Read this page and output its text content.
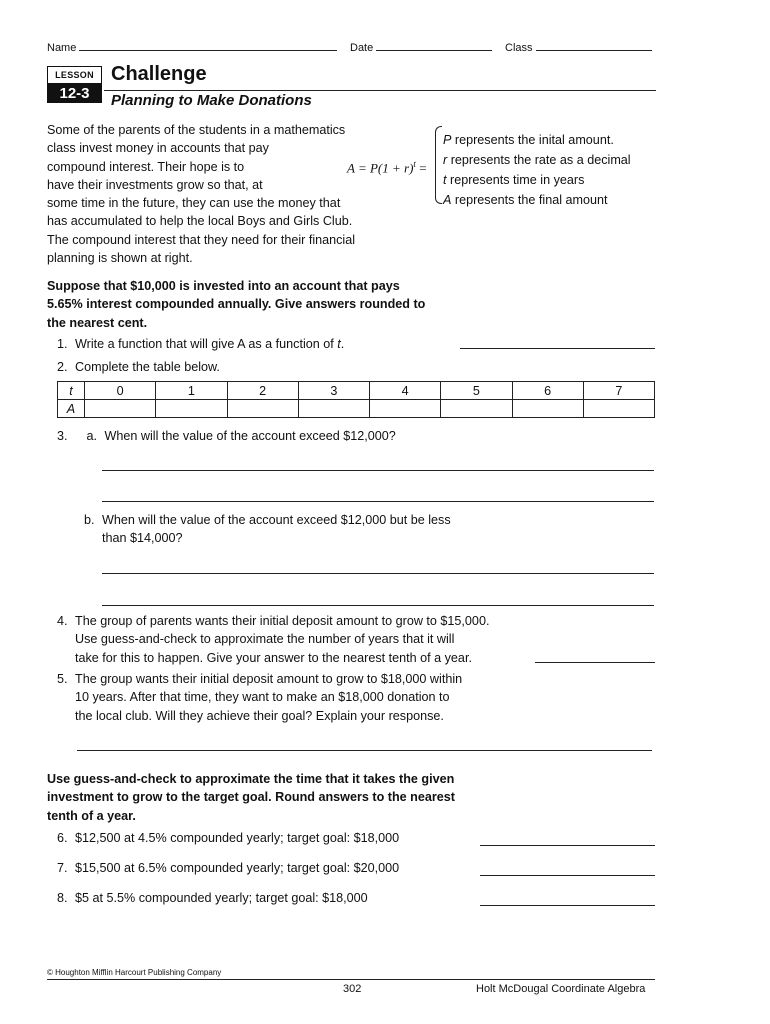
Name	Date	Class
LESSON
12-3
Challenge
Planning to Make Donations
Some of the parents of the students in a mathematics
class invest money in accounts that pay
compound interest. Their hope is to
have their investments grow so that, at
some time in the future, they can use the money that
has accumulated to help the local Boys and Girls Club.
The compound interest that they need for their financial
planning is shown at right.
$A = P(1 + r)^t$ =
P represents the inital amount.
r represents the rate as a decimal
t represents time in years
A represents the final amount
Suppose that $10,000 is invested into an account that pays
5.65% interest compounded annually. Give answers rounded to
the nearest cent.
1. Write a function that will give A as a function of t.
2. Complete the table below.
t	0	1	2	3	4	5	6	7
A								
3. a. When will the value of the account exceed $12,000?
b. When will the value of the account exceed $12,000 but be less
than $14,000?
4. The group of parents wants their initial deposit amount to grow to $15,000.
Use guess-and-check to approximate the number of years that it will
take for this to happen. Give your answer to the nearest tenth of a year.
5. The group wants their initial deposit amount to grow to $18,000 within
10 years. After that time, they want to make an $18,000 donation to
the local club. Will they achieve their goal? Explain your response.
Use guess-and-check to approximate the time that it takes the given
investment to grow to the target goal. Round answers to the nearest
tenth of a year.
6. $12,500 at 4.5% compounded yearly; target goal: $18,000
7. $15,500 at 6.5% compounded yearly; target goal: $20,000
8. $5 at 5.5% compounded yearly; target goal: $18,000
© Houghton Mifflin Harcourt Publishing Company
302	Holt McDougal Coordinate Algebra
